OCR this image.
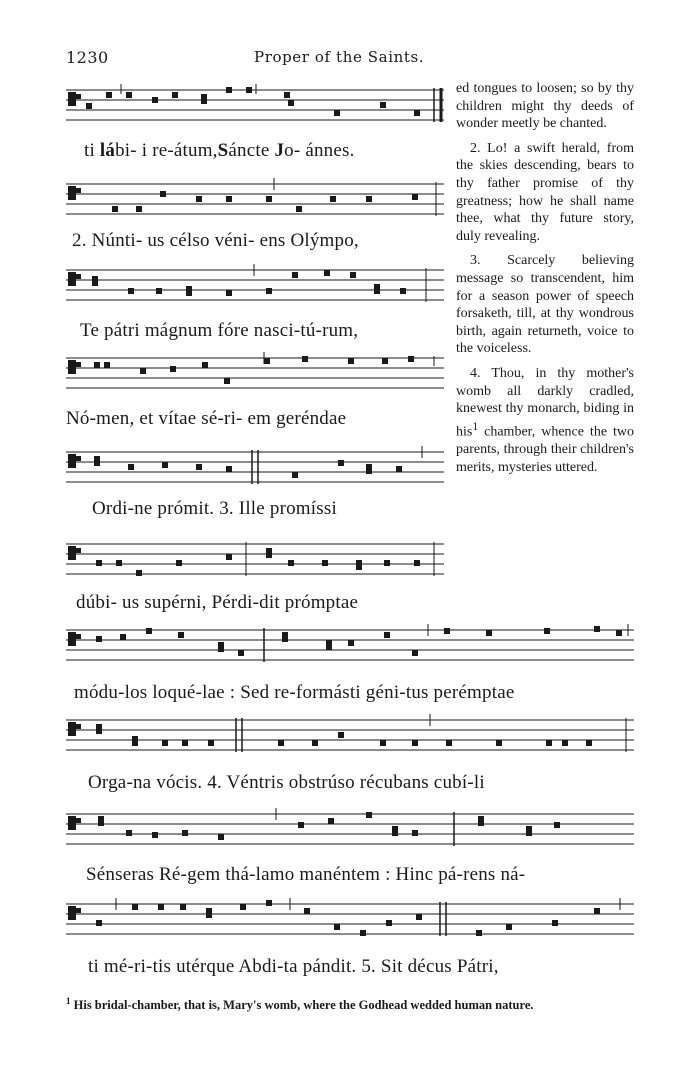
1230	Proper of the Saints.
ti lábi- i re-átum,Sáncte Jo- ánnes.
2. Núnti- us célso véni- ens Olýmpo,
Te pátri mágnum fóre nasci-tú-rum,
Nó-men, et vítae sé-ri- em geréndae
Ordi-ne prómit. 3. Ille promíssi
dúbi- us supérni, Pérdi-dit prómptae
módu-los loqué-lae : Sed re-formásti géni-tus perémptae
Orga-na vócis. 4. Véntris obstrúso récubans cubí-li
Sénseras Ré-gem thá-lamo manéntem : Hinc pá-rens ná-
ti mé-ri-tis utérque Abdi-ta pándit. 5. Sit décus Pátri,

ed tongues to loosen; so by thy children might thy deeds of wonder meetly be chanted.

2. Lo! a swift herald, from the skies descending, bears to thy father promise of thy greatness; how he shall name thee, what thy future story, duly revealing.

3. Scarcely believing message so transcendent, him for a season power of speech forsaketh, till, at thy wondrous birth, again returneth, voice to the voiceless.

4. Thou, in thy mother's womb all darkly cradled, knewest thy monarch, biding in his$^1$ chamber, whence the two parents, through their children's merits, mysteries uttered.

$^1$ His bridal-chamber, that is, Mary's womb, where the Godhead wedded human nature.
